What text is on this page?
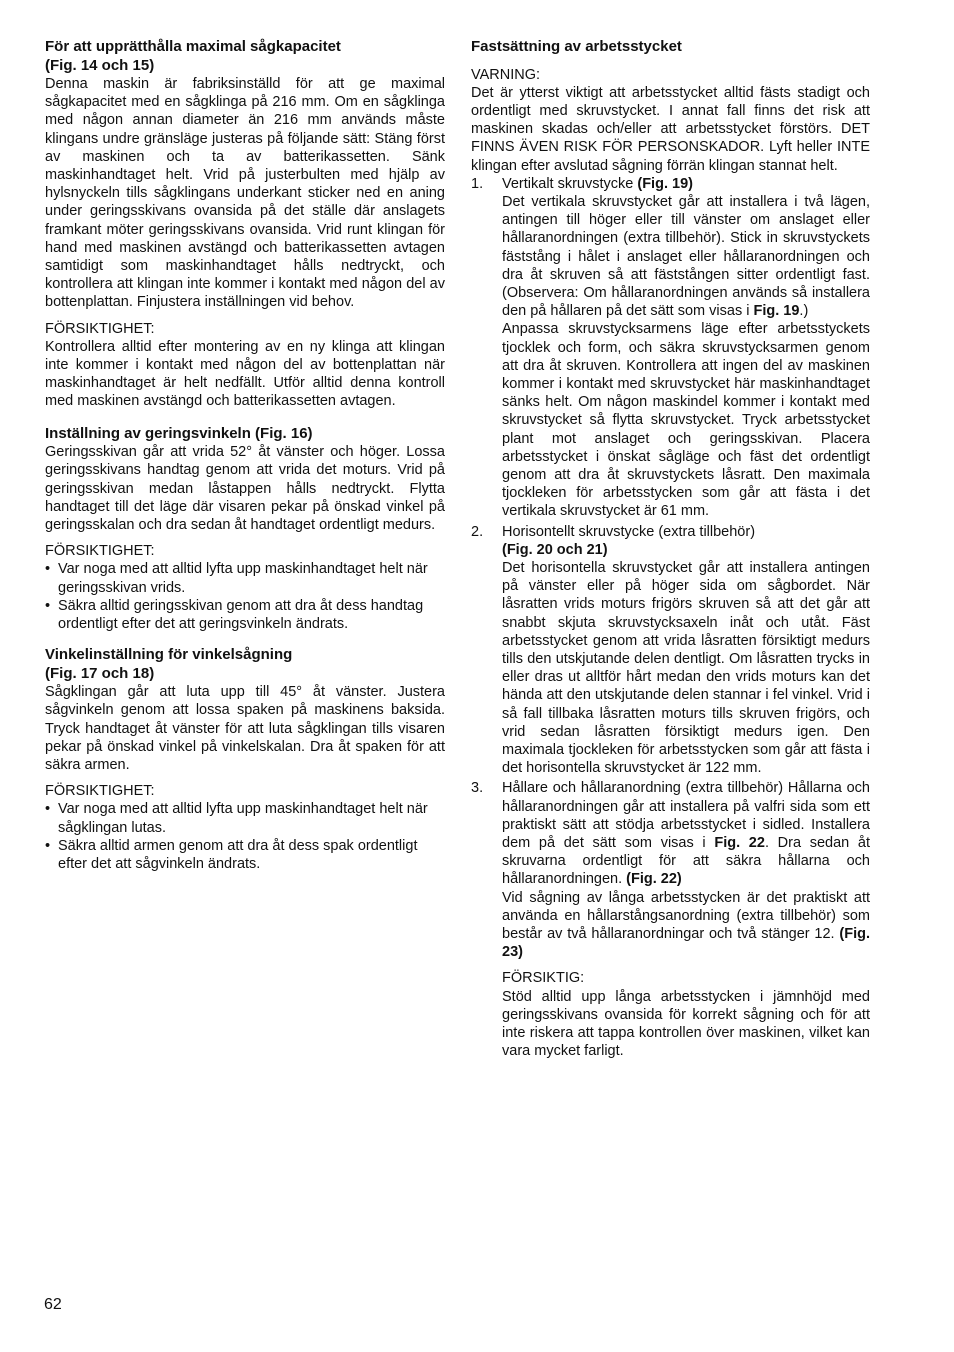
För att upprätthålla maximal sågkapacitet
(Fig. 14 och 15)

Denna maskin är fabriksinställd för att ge maximal sågkapacitet med en sågklinga på 216 mm. Om en sågklinga med någon annan diameter än 216 mm används måste klingans undre gränsläge justeras på följande sätt: Stäng först av maskinen och ta av batterikassetten. Sänk maskinhandtaget helt. Vrid på justerbulten med hjälp av hylsnyckeln tills sågklingans underkant sticker ned en aning under geringsskivans ovansida på det ställe där anslagets framkant möter geringsskivans ovansida. Vrid runt klingan för hand med maskinen avstängd och batterikassetten avtagen samtidigt som maskinhandtaget hålls nedtryckt, och kontrollera att klingan inte kommer i kontakt med någon del av bottenplattan. Finjustera inställningen vid behov.

FÖRSIKTIGHET:

Kontrollera alltid efter montering av en ny klinga att klingan inte kommer i kontakt med någon del av bottenplattan när maskinhandtaget är helt nedfällt. Utför alltid denna kontroll med maskinen avstängd och batterikassetten avtagen.

Inställning av geringsvinkeln (Fig. 16)

Geringsskivan går att vrida 52° åt vänster och höger. Lossa geringsskivans handtag genom att vrida det moturs. Vrid på geringsskivan medan låstappen hålls nedtryckt. Flytta handtaget till det läge där visaren pekar på önskad vinkel på geringsskalan och dra sedan åt handtaget ordentligt medurs.

FÖRSIKTIGHET:

• Var noga med att alltid lyfta upp maskinhandtaget helt när geringsskivan vrids.
• Säkra alltid geringsskivan genom att dra åt dess handtag ordentligt efter det att geringsvinkeln ändrats.
Vinkelinställning för vinkelsågning
(Fig. 17 och 18)

Sågklingan går att luta upp till 45° åt vänster. Justera sågvinkeln genom att lossa spaken på maskinens baksida. Tryck handtaget åt vänster för att luta sågklingan tills visaren pekar på önskad vinkel på vinkelskalan. Dra åt spaken för att säkra armen.

FÖRSIKTIGHET:

• Var noga med att alltid lyfta upp maskinhandtaget helt när sågklingan lutas.
• Säkra alltid armen genom att dra åt dess spak ordentligt efter det att sågvinkeln ändrats.
Fastsättning av arbetsstycket

VARNING:

Det är ytterst viktigt att arbetsstycket alltid fästs stadigt och ordentligt med skruvstycket. I annat fall finns det risk att maskinen skadas och/eller att arbetsstycket förstörs. DET FINNS ÄVEN RISK FÖR PERSONSKADOR. Lyft heller INTE klingan efter avslutad sågning förrän klingan stannat helt.

1. Vertikalt skruvstycke (Fig. 19)

Det vertikala skruvstycket går att installera i två lägen, antingen till höger eller till vänster om anslaget eller hållaranordningen (extra tillbehör). Stick in skruvstyckets fäststång i hålet i anslaget eller hållaranordningen och dra åt skruven så att fäststången sitter ordentligt fast. (Observera: Om hållaranordningen används så installera den på hållaren på det sätt som visas i Fig. 19.)

Anpassa skruvstycksarmens läge efter arbetsstyckets tjocklek och form, och säkra skruvstycksarmen genom att dra åt skruven. Kontrollera att ingen del av maskinen kommer i kontakt med skruvstycket här maskinhandtaget sänks helt. Om någon maskindel kommer i kontakt med skruvstycket så flytta skruvstycket. Tryck arbetsstycket plant mot anslaget och geringsskivan. Placera arbetsstycket i önskat sågläge och fäst det ordentligt genom att dra åt skruvstyckets låsratt. Den maximala tjockleken för arbetsstycken som går att fästa i det vertikala skruvstycket är 61 mm.

2. Horisontellt skruvstycke (extra tillbehör)

(Fig. 20 och 21)

Det horisontella skruvstycket går att installera antingen på vänster eller på höger sida om sågbordet. När låsratten vrids moturs frigörs skruven så att det går att snabbt skjuta skruvstycksaxeln inåt och utåt. Fäst arbetsstycket genom att vrida låsratten försiktigt medurs tills den utskjutande delen dentligt. Om låsratten trycks in eller dras ut alltför hårt medan den vrids moturs kan det hända att den utskjutande delen stannar i fel vinkel. Vrid i så fall tillbaka låsratten moturs tills skruven frigörs, och vrid sedan låsratten försiktigt medurs igen. Den maximala tjockleken för arbetsstycken som går att fästa i det horisontella skruvstycket är 122 mm.

3. Hållare och hållaranordning (extra tillbehör) Hållarna och hållaranordningen går att installera på valfri sida som ett praktiskt sätt att stödja arbetsstycket i sidled. Installera dem på det sätt som visas i Fig. 22. Dra sedan åt skruvarna ordentligt för att säkra hållarna och hållaranordningen. (Fig. 22)

Vid sågning av långa arbetsstycken är det praktiskt att använda en hållarstångsanordning (extra tillbehör) som består av två hållaranordningar och två stänger 12. (Fig. 23)

FÖRSIKTIG:

Stöd alltid upp långa arbetsstycken i jämnhöjd med geringsskivans ovansida för korrekt sågning och för att inte riskera att tappa kontrollen över maskinen, vilket kan vara mycket farligt.

62
